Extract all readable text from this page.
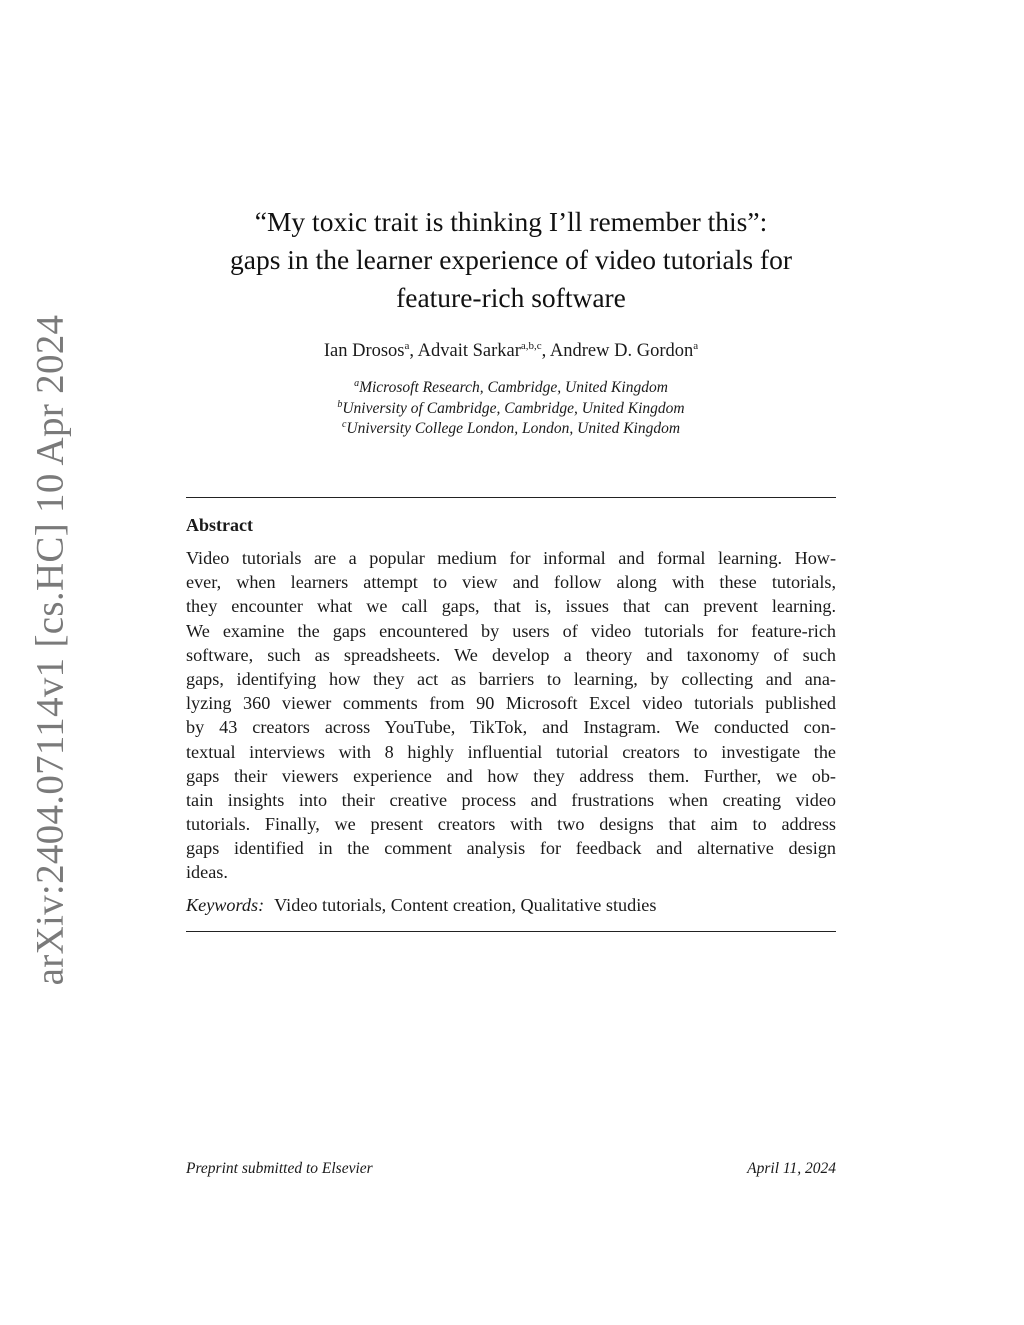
arXiv:2404.07114v1 [cs.HC] 10 Apr 2024
“My toxic trait is thinking I’ll remember this”:
gaps in the learner experience of video tutorials for
feature-rich software
Ian Drosos$^a$, Advait Sarkar$^{a,b,c}$, Andrew D. Gordon$^a$
$^a$Microsoft Research, Cambridge, United Kingdom
$^b$University of Cambridge, Cambridge, United Kingdom
$^c$University College London, London, United Kingdom
Abstract
Video tutorials are a popular medium for informal and formal learning. How-
ever, when learners attempt to view and follow along with these tutorials,
they encounter what we call gaps, that is, issues that can prevent learning.
We examine the gaps encountered by users of video tutorials for feature-rich
software, such as spreadsheets. We develop a theory and taxonomy of such
gaps, identifying how they act as barriers to learning, by collecting and ana-
lyzing 360 viewer comments from 90 Microsoft Excel video tutorials published
by 43 creators across YouTube, TikTok, and Instagram. We conducted con-
textual interviews with 8 highly influential tutorial creators to investigate the
gaps their viewers experience and how they address them. Further, we ob-
tain insights into their creative process and frustrations when creating video
tutorials. Finally, we present creators with two designs that aim to address
gaps identified in the comment analysis for feedback and alternative design
ideas.
Keywords: Video tutorials, Content creation, Qualitative studies
Preprint submitted to Elsevier	April 11, 2024
